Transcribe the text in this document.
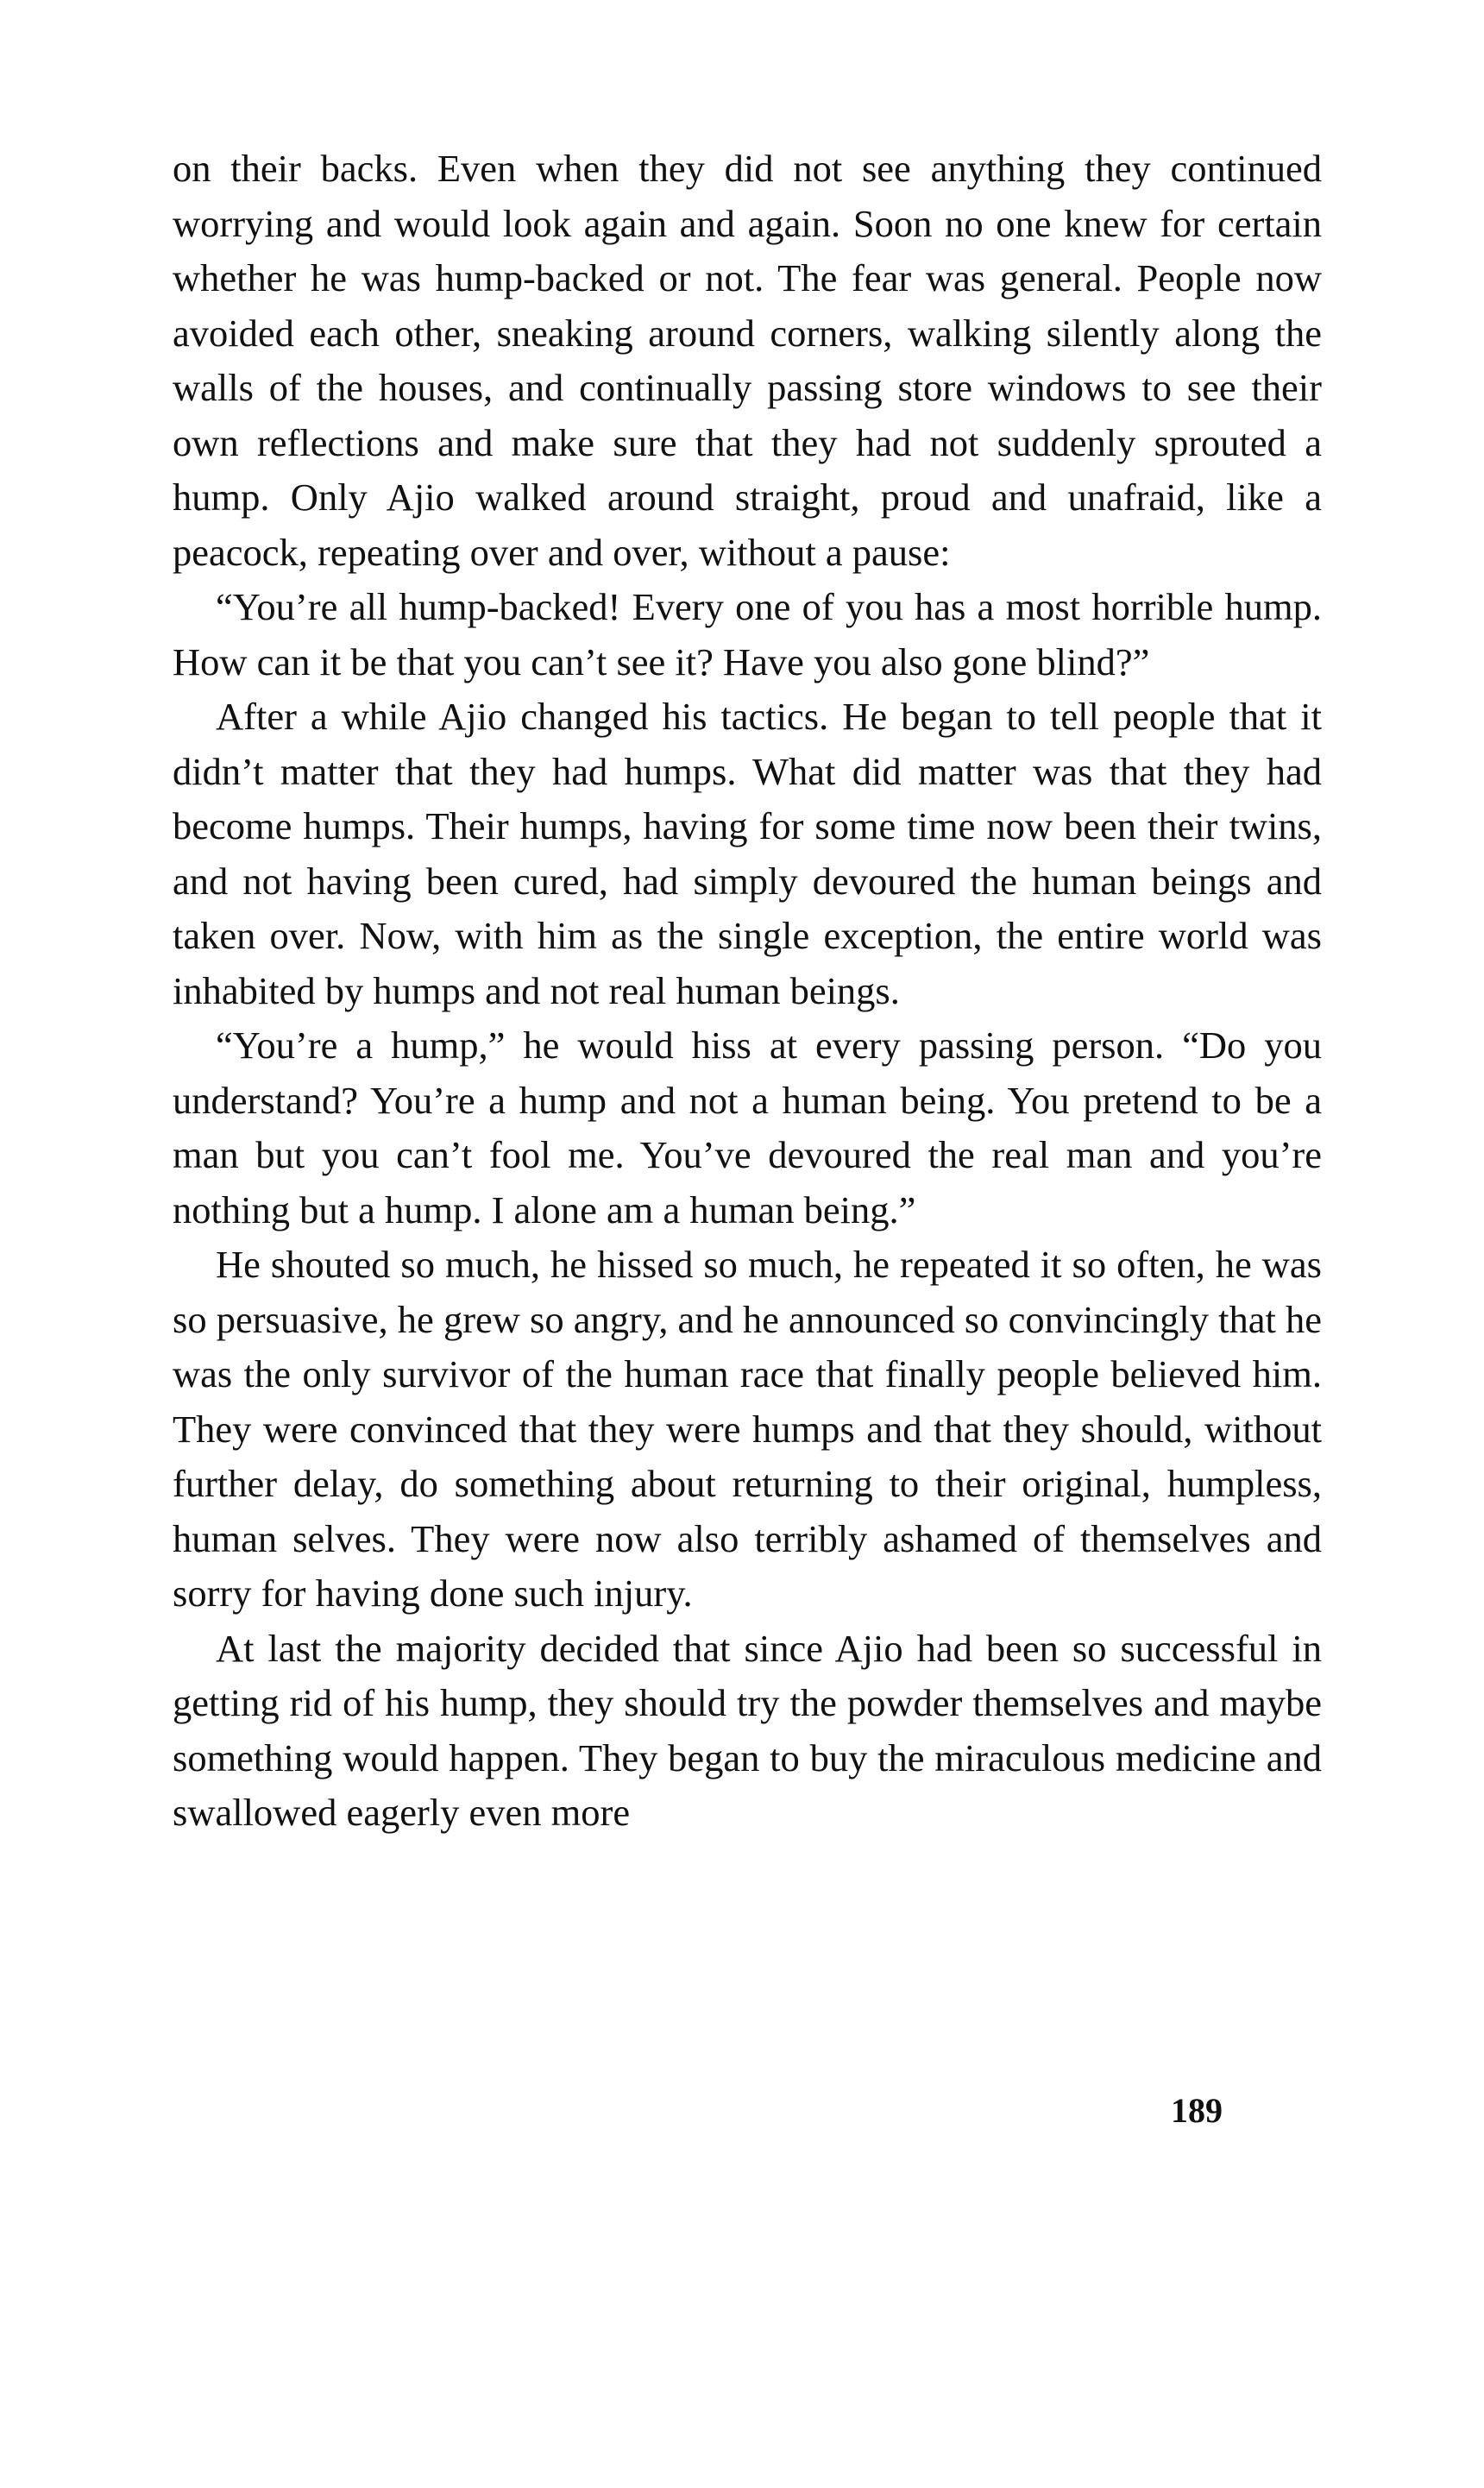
on their backs. Even when they did not see anything they continued worrying and would look again and again. Soon no one knew for certain whether he was hump-backed or not. The fear was general. People now avoided each other, sneaking around corners, walking silently along the walls of the houses, and continually passing store windows to see their own reflections and make sure that they had not suddenly sprouted a hump. Only Ajio walked around straight, proud and unafraid, like a peacock, repeating over and over, without a pause:

“You’re all hump-backed! Every one of you has a most horrible hump. How can it be that you can’t see it? Have you also gone blind?”

After a while Ajio changed his tactics. He began to tell people that it didn’t matter that they had humps. What did matter was that they had become humps. Their humps, having for some time now been their twins, and not having been cured, had simply devoured the human beings and taken over. Now, with him as the single exception, the entire world was inhabited by humps and not real human beings.

“You’re a hump,” he would hiss at every passing person. “Do you understand? You’re a hump and not a human being. You pretend to be a man but you can’t fool me. You’ve devoured the real man and you’re nothing but a hump. I alone am a human being.”

He shouted so much, he hissed so much, he repeated it so often, he was so persuasive, he grew so angry, and he announced so convincingly that he was the only survivor of the human race that finally people believed him. They were convinced that they were humps and that they should, without further delay, do something about returning to their original, humpless, human selves. They were now also terribly ashamed of themselves and sorry for having done such injury.

At last the majority decided that since Ajio had been so successful in getting rid of his hump, they should try the powder themselves and maybe something would happen. They began to buy the miraculous medicine and swallowed eagerly even more

189
